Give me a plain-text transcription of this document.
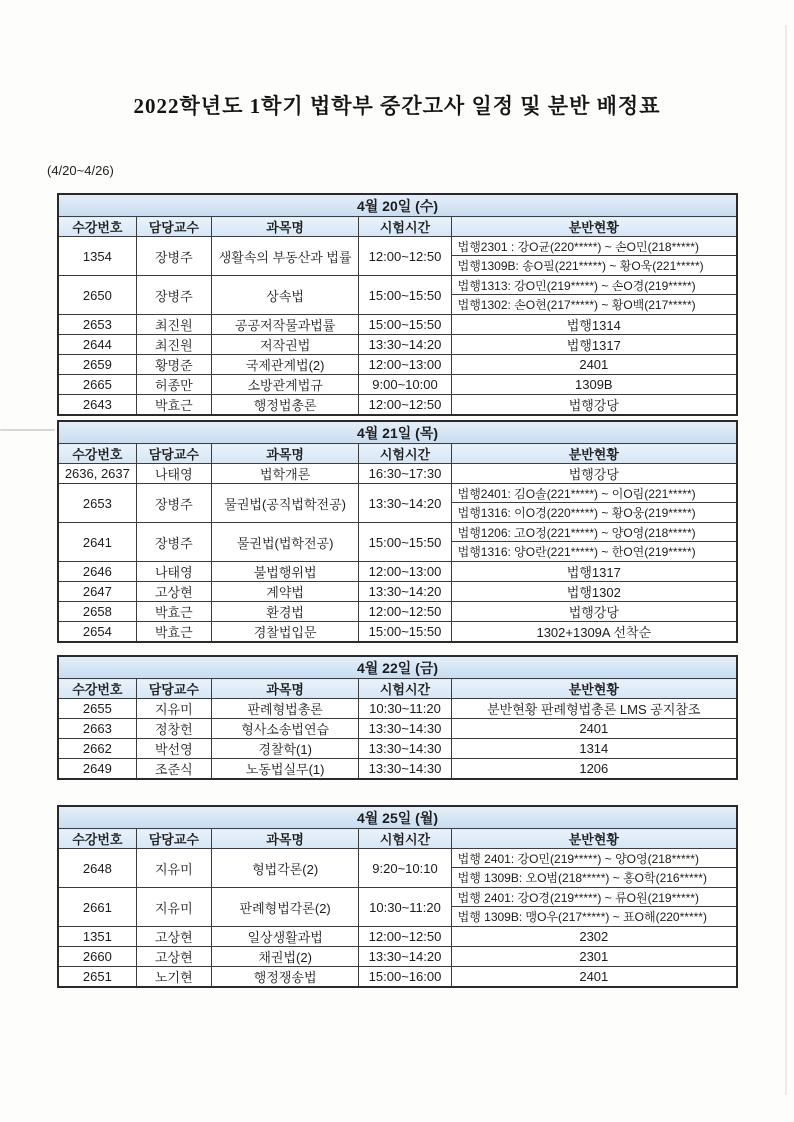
2022학년도 1학기 법학부 중간고사 일정 및 분반 배정표
(4/20~4/26)
4월 20일 (수)				
수강번호	담당교수	과목명	시험시간	분반현황
1354	장병주	생활속의 부동산과 법률	12:00~12:50	법행2301 : 강O균(220*****) ~ 손O민(218*****)
법행1309B: 송O필(221*****) ~ 황O욱(221*****)

2650	장병주	상속법	15:00~15:50	법행1313: 강O민(219*****) ~ 손O경(219*****)
법행1302: 손O현(217*****) ~ 황O백(217*****)

2653	최진원	공공저작물과법률	15:00~15:50	법행1314
2644	최진원	저작권법	13:30~14:20	법행1317
2659	황명준	국제관계법(2)	12:00~13:00	2401
2665	허종만	소방관계법규	9:00~10:00	1309B
2643	박효근	행정법총론	12:00~12:50	법행강당
4월 21일 (목)				
수강번호	담당교수	과목명	시험시간	분반현황
2636, 2637	나태영	법학개론	16:30~17:30	법행강당
2653	장병주	물권법(공직법학전공)	13:30~14:20	법행2401: 김O솔(221*****) ~ 이O림(221*****)
법행1316: 이O경(220*****) ~ 황O웅(219*****)

2641	장병주	물권법(법학전공)	15:00~15:50	법행1206: 고O정(221*****) ~ 양O영(218*****)
법행1316: 양O란(221*****) ~ 한O연(219*****)

2646	나태영	불법행위법	12:00~13:00	법행1317
2647	고상현	계약법	13:30~14:20	법행1302
2658	박효근	환경법	12:00~12:50	법행강당
2654	박효근	경찰법입문	15:00~15:50	1302+1309A 선착순
4월 22일 (금)				
수강번호	담당교수	과목명	시험시간	분반현황
2655	지유미	판례형법총론	10:30~11:20	분반현황 판례형법총론 LMS 공지참조
2663	정창헌	형사소송법연습	13:30~14:30	2401
2662	박선영	경찰학(1)	13:30~14:30	1314
2649	조준식	노동법실무(1)	13:30~14:30	1206
4월 25일 (월)				
수강번호	담당교수	과목명	시험시간	분반현황
2648	지유미	형법각론(2)	9:20~10:10	법행 2401: 강O민(219*****) ~ 양O영(218*****)
법행 1309B: 오O범(218*****) ~ 홍O학(216*****)

2661	지유미	판례형법각론(2)	10:30~11:20	법행 2401: 강O경(219*****) ~ 류O원(219*****)
법행 1309B: 맹O우(217*****) ~ 표O해(220*****)

1351	고상현	일상생활과법	12:00~12:50	2302
2660	고상현	채권법(2)	13:30~14:20	2301
2651	노기현	행정쟁송법	15:00~16:00	2401
